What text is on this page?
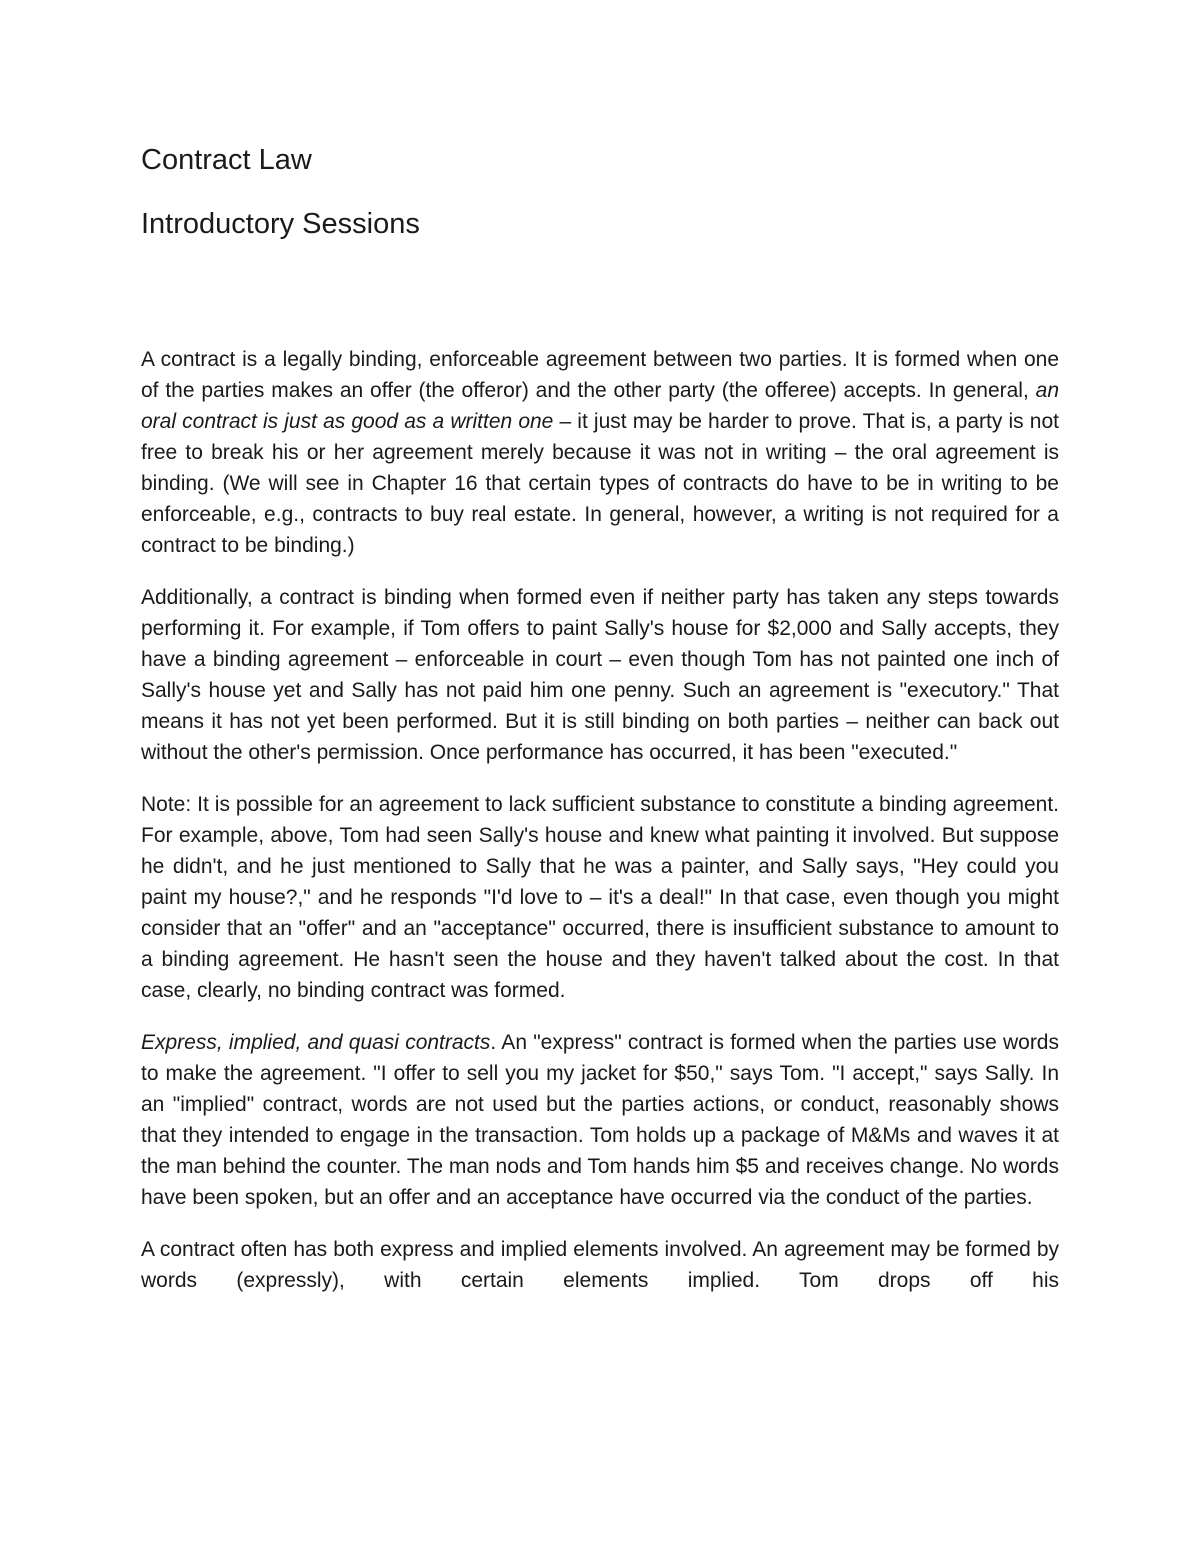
Contract Law
Introductory Sessions

A contract is a legally binding, enforceable agreement between two parties. It is formed when one of the parties makes an offer (the offeror) and the other party (the offeree) accepts. In general, an oral contract is just as good as a written one – it just may be harder to prove. That is, a party is not free to break his or her agreement merely because it was not in writing – the oral agreement is binding. (We will see in Chapter 16 that certain types of contracts do have to be in writing to be enforceable, e.g., contracts to buy real estate. In general, however, a writing is not required for a contract to be binding.)

Additionally, a contract is binding when formed even if neither party has taken any steps towards performing it. For example, if Tom offers to paint Sally's house for $2,000 and Sally accepts, they have a binding agreement – enforceable in court – even though Tom has not painted one inch of Sally's house yet and Sally has not paid him one penny. Such an agreement is "executory." That means it has not yet been performed. But it is still binding on both parties – neither can back out without the other's permission. Once performance has occurred, it has been "executed."

Note: It is possible for an agreement to lack sufficient substance to constitute a binding agreement. For example, above, Tom had seen Sally's house and knew what painting it involved. But suppose he didn't, and he just mentioned to Sally that he was a painter, and Sally says, "Hey could you paint my house?," and he responds "I'd love to – it's a deal!" In that case, even though you might consider that an "offer" and an "acceptance" occurred, there is insufficient substance to amount to a binding agreement. He hasn't seen the house and they haven't talked about the cost. In that case, clearly, no binding contract was formed.

Express, implied, and quasi contracts. An "express" contract is formed when the parties use words to make the agreement. "I offer to sell you my jacket for $50," says Tom. "I accept," says Sally. In an "implied" contract, words are not used but the parties actions, or conduct, reasonably shows that they intended to engage in the transaction. Tom holds up a package of M&Ms and waves it at the man behind the counter. The man nods and Tom hands him $5 and receives change. No words have been spoken, but an offer and an acceptance have occurred via the conduct of the parties.

A contract often has both express and implied elements involved. An agreement may be formed by words (expressly), with certain elements implied. Tom drops off his
